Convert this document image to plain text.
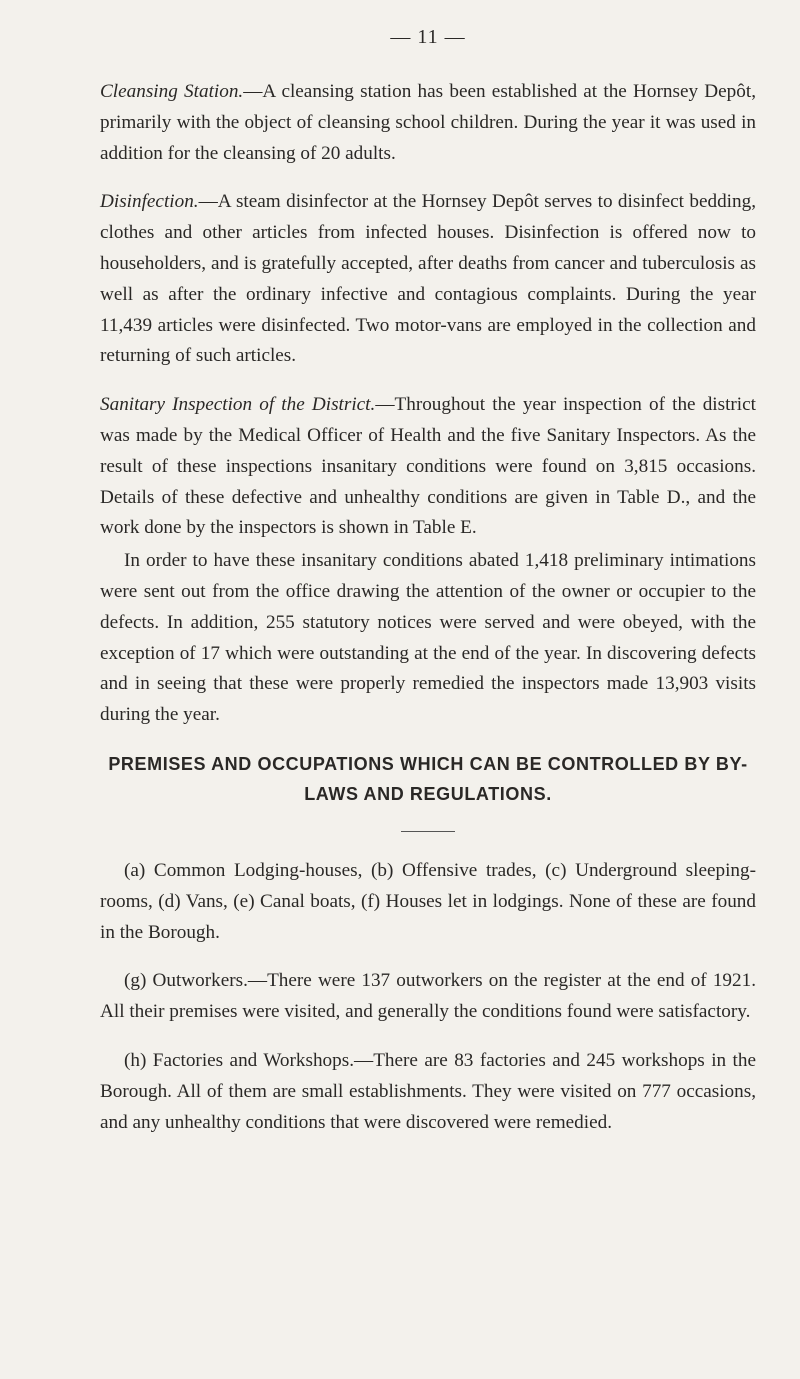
— 11 —

Cleansing Station.—A cleansing station has been established at the Hornsey Depôt, primarily with the object of cleansing school children. During the year it was used in addition for the cleansing of 20 adults.

Disinfection.—A steam disinfector at the Hornsey Depôt serves to disinfect bedding, clothes and other articles from infected houses. Disinfection is offered now to householders, and is gratefully accepted, after deaths from cancer and tuberculosis as well as after the ordinary infective and contagious complaints. During the year 11,439 articles were disinfected. Two motor-vans are employed in the collection and returning of such articles.

Sanitary Inspection of the District.—Throughout the year inspection of the district was made by the Medical Officer of Health and the five Sanitary Inspectors. As the result of these inspections insanitary conditions were found on 3,815 occasions. Details of these defective and unhealthy conditions are given in Table D., and the work done by the inspectors is shown in Table E.

In order to have these insanitary conditions abated 1,418 preliminary intimations were sent out from the office drawing the attention of the owner or occupier to the defects. In addition, 255 statutory notices were served and were obeyed, with the exception of 17 which were outstanding at the end of the year. In discovering defects and in seeing that these were properly remedied the inspectors made 13,903 visits during the year.

PREMISES AND OCCUPATIONS WHICH CAN BE CONTROLLED BY BY-LAWS AND REGULATIONS.

(a) Common Lodging-houses, (b) Offensive trades, (c) Underground sleeping-rooms, (d) Vans, (e) Canal boats, (f) Houses let in lodgings. None of these are found in the Borough.

(g) Outworkers.—There were 137 outworkers on the register at the end of 1921. All their premises were visited, and generally the conditions found were satisfactory.

(h) Factories and Workshops.—There are 83 factories and 245 workshops in the Borough. All of them are small establishments. They were visited on 777 occasions, and any unhealthy conditions that were discovered were remedied.
